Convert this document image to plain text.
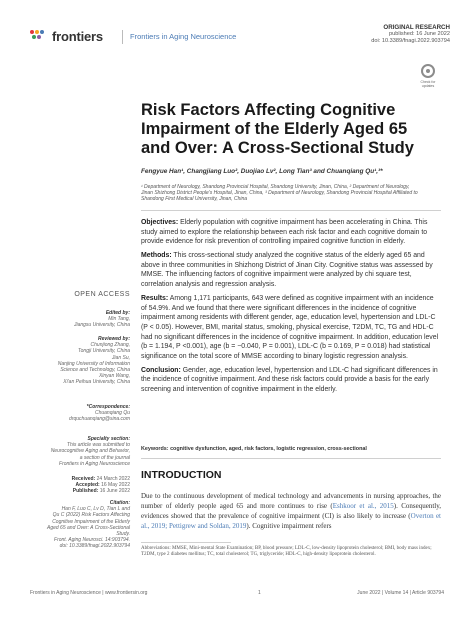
frontiers	Frontiers in Aging Neuroscience
ORIGINAL RESEARCH
published: 16 June 2022
doi: 10.3389/fnagi.2022.903794
Check for updates
Risk Factors Affecting Cognitive Impairment of the Elderly Aged 65 and Over: A Cross-Sectional Study
Fengyue Han¹, Changjiang Luo², Duojiao Lv², Long Tian³ and Chuanqiang Qu¹,³*
¹ Department of Neurology, Shandong Provincial Hospital, Shandong University, Jinan, China, ² Department of Neurology,
Jinan Shizhong District People's Hospital, Jinan, China, ³ Department of Neurology, Shandong Provincial Hospital Affiliated to
Shandong First Medical University, Jinan, China

Objectives: Elderly population with cognitive impairment has been accelerating in China. This study aimed to explore the relationship between each risk factor and each cognitive domain to provide evidence for risk prevention of controlling impaired cognitive function in elderly.

Methods: This cross-sectional study analyzed the cognitive status of the elderly aged 65 and above in three communities in Shizhong District of Jinan City. Cognitive status was assessed by MMSE. The influencing factors of cognitive impairment were analyzed by chi square test, correlation analysis and regression analysis.

Results: Among 1,171 participants, 643 were defined as cognitive impairment with an incidence of 54.9%. And we found that there were significant differences in the incidence of cognitive impairment among residents with different gender, age, education level, hypertension and LDL-C (P < 0.05). However, BMI, marital status, smoking, physical exercise, T2DM, TC, TG and HDL-C had no significant differences in the incidence of cognitive impairment. In addition, education level (b = 1.194, P <0.001), age (b = −0.040, P = 0.001), LDL-C (b = 0.169, P = 0.018) had statistical significance on the total score of MMSE according to binary logistic regression analysis.

Conclusion: Gender, age, education level, hypertension and LDL-C had significant differences in the incidence of cognitive impairment. And these risk factors could provide a basis for the early screening and intervention of cognitive impairment in the elderly.

Keywords: cognitive dysfunction, aged, risk factors, logistic regression, cross-sectional
INTRODUCTION
Due to the continuous development of medical technology and advancements in nursing approaches, the number of elderly people aged 65 and more continues to rise (Eshkoor et al., 2015). Consequently, evidences showed that the prevalence of cognitive impairment (CI) is also likely to increase (Overton et al., 2019; Pettigrew and Soldan, 2019). Cognitive impairment refers
Abbreviations: MMSE, Mini-mental State Examination; BP, blood pressure; LDL-C, low-density lipoprotein cholesterol; BMI, body mass index; T2DM, type 2 diabetes mellitus; TC, total cholesterol; TG, triglyceride; HDL-C, high-density lipoprotein cholesterol.
OPEN ACCESS
Edited by:
Min Tang,
Jiangsu University, China
Reviewed by:
Chunjiong Zhang,
Tongji University, China
Jian Su,
Nanjing University of Information
Science and Technology, China
Xinyan Wang,
Xi'an Peihua University, China
*Correspondence:
Chuanqiang Qu
drquchuanqiang@sina.com
Specialty section:
This article was submitted to
Neurocognitive Aging and Behavior,
a section of the journal
Frontiers in Aging Neuroscience
Received: 24 March 2022
Accepted: 16 May 2022
Published: 16 June 2022
Citation:
Han F, Luo C, Lv D, Tian L and
Qu C (2022) Risk Factors Affecting
Cognitive Impairment of the Elderly
Aged 65 and Over: A Cross-Sectional
Study.
Front. Aging Neurosci. 14:903794.
doi: 10.3389/fnagi.2022.903794
Frontiers in Aging Neuroscience | www.frontiersin.org	1	June 2022 | Volume 14 | Article 903794
